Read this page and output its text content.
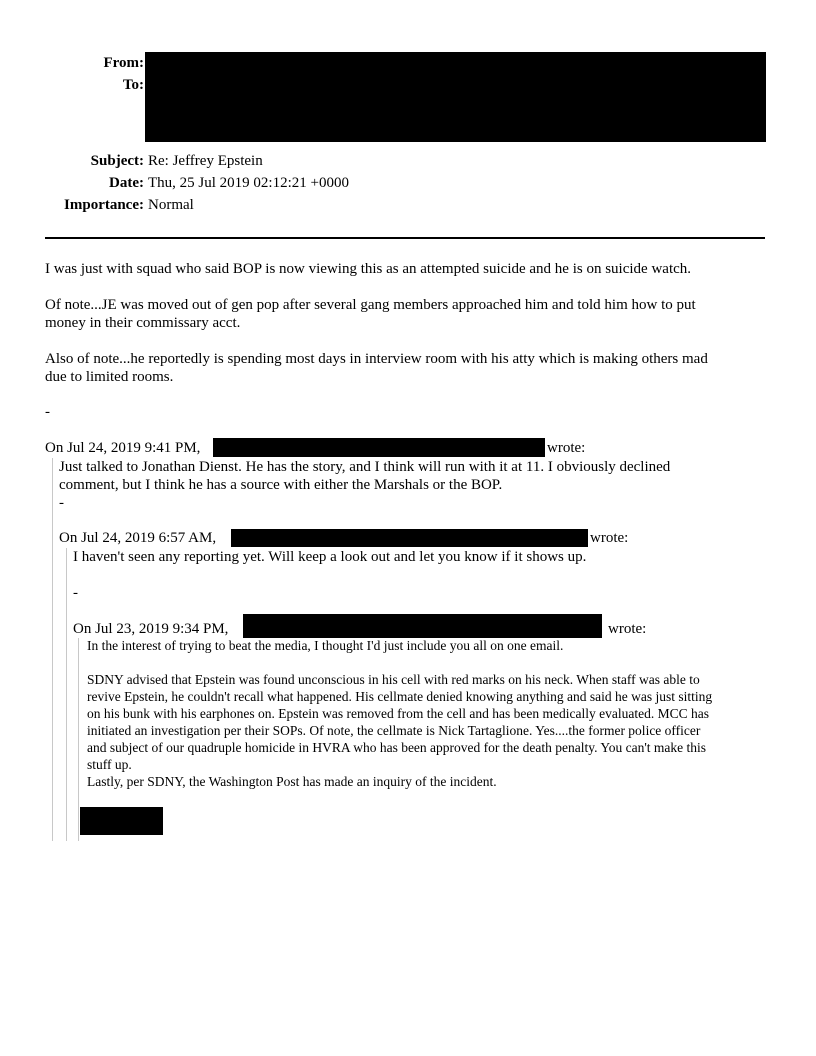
From:
To:
Subject: Re: Jeffrey Epstein
Date: Thu, 25 Jul 2019 02:12:21 +0000
Importance: Normal
I was just with squad who said BOP is now viewing this as an attempted suicide and he is on suicide watch.
Of note...JE was moved out of gen pop after several gang members approached him and told him how to put
money in their commissary acct.
Also of note...he reportedly is spending most days in interview room with his atty which is making others mad
due to limited rooms.
-
On Jul 24, 2019 9:41 PM,	wrote:
Just talked to Jonathan Dienst. He has the story, and I think will run with it at 11. I obviously declined
comment, but I think he has a source with either the Marshals or the BOP.
-
On Jul 24, 2019 6:57 AM,	wrote:
I haven't seen any reporting yet. Will keep a look out and let you know if it shows up.
-
On Jul 23, 2019 9:34 PM,	wrote:
In the interest of trying to beat the media, I thought I'd just include you all on one email.
SDNY advised that Epstein was found unconscious in his cell with red marks on his neck. When staff was able to
revive Epstein, he couldn't recall what happened. His cellmate denied knowing anything and said he was just sitting
on his bunk with his earphones on. Epstein was removed from the cell and has been medically evaluated. MCC has
initiated an investigation per their SOPs. Of note, the cellmate is Nick Tartaglione. Yes....the former police officer
and subject of our quadruple homicide in HVRA who has been approved for the death penalty. You can't make this
stuff up.
Lastly, per SDNY, the Washington Post has made an inquiry of the incident.
